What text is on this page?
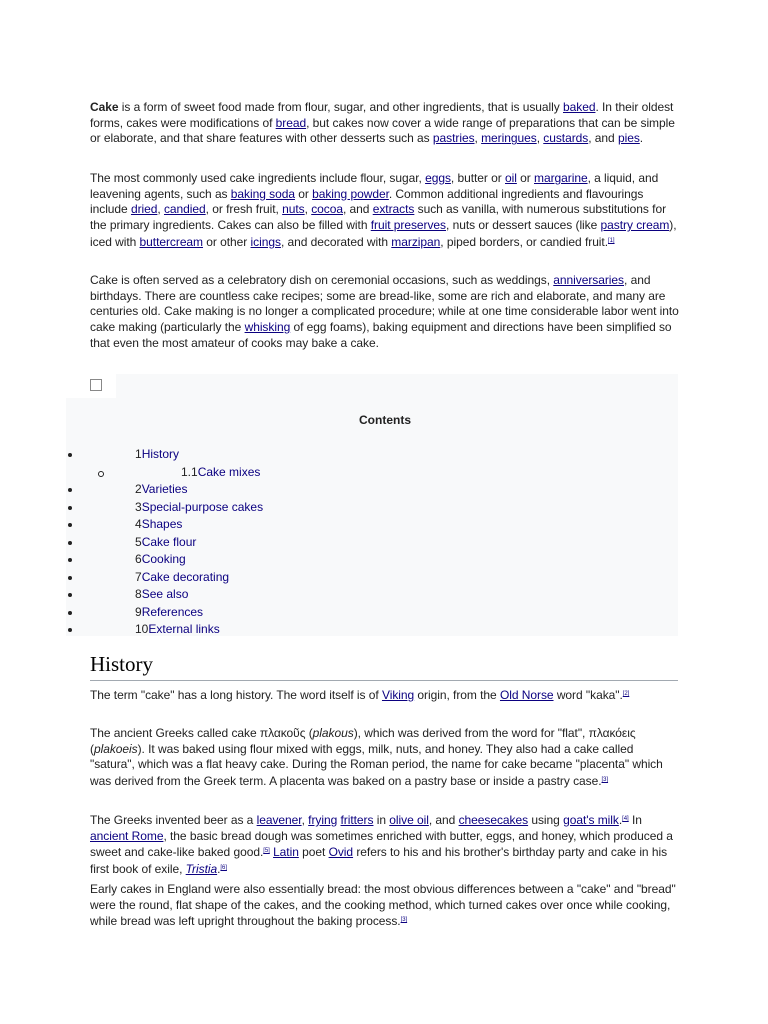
Cake is a form of sweet food made from flour, sugar, and other ingredients, that is usually baked. In their oldest forms, cakes were modifications of bread, but cakes now cover a wide range of preparations that can be simple or elaborate, and that share features with other desserts such as pastries, meringues, custards, and pies.

The most commonly used cake ingredients include flour, sugar, eggs, butter or oil or margarine, a liquid, and leavening agents, such as baking soda or baking powder. Common additional ingredients and flavourings include dried, candied, or fresh fruit, nuts, cocoa, and extracts such as vanilla, with numerous substitutions for the primary ingredients. Cakes can also be filled with fruit preserves, nuts or dessert sauces (like pastry cream), iced with buttercream or other icings, and decorated with marzipan, piped borders, or candied fruit.[1]

Cake is often served as a celebratory dish on ceremonial occasions, such as weddings, anniversaries, and birthdays. There are countless cake recipes; some are bread-like, some are rich and elaborate, and many are centuries old. Cake making is no longer a complicated procedure; while at one time considerable labor went into cake making (particularly the whisking of egg foams), baking equipment and directions have been simplified so that even the most amateur of cooks may bake a cake.

Contents
1History
1.1Cake mixes
2Varieties
3Special-purpose cakes
4Shapes
5Cake flour
6Cooking
7Cake decorating
8See also
9References
10External links
History

The term "cake" has a long history. The word itself is of Viking origin, from the Old Norse word "kaka".[2]

The ancient Greeks called cake πλακοῦς (plakous), which was derived from the word for "flat", πλακόεις (plakoeis). It was baked using flour mixed with eggs, milk, nuts, and honey. They also had a cake called "satura", which was a flat heavy cake. During the Roman period, the name for cake became "placenta" which was derived from the Greek term. A placenta was baked on a pastry base or inside a pastry case.[3]

The Greeks invented beer as a leavener, frying fritters in olive oil, and cheesecakes using goat's milk.[4] In ancient Rome, the basic bread dough was sometimes enriched with butter, eggs, and honey, which produced a sweet and cake-like baked good.[5] Latin poet Ovid refers to his and his brother's birthday party and cake in his first book of exile, Tristia.[6]

Early cakes in England were also essentially bread: the most obvious differences between a "cake" and "bread" were the round, flat shape of the cakes, and the cooking method, which turned cakes over once while cooking, while bread was left upright throughout the baking process.[3]
